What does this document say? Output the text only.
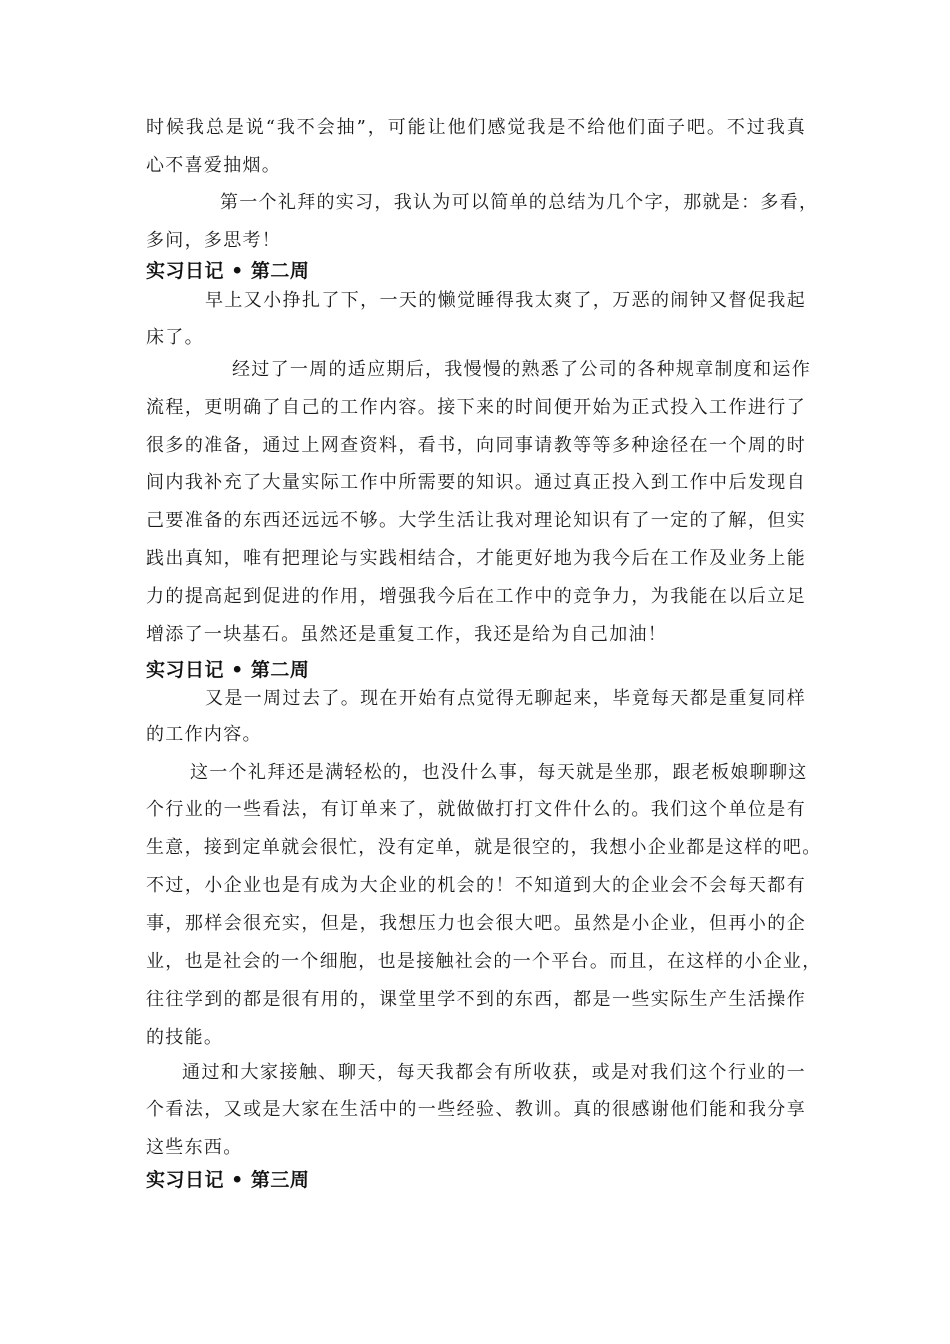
时候我总是说“我不会抽”，可能让他们感觉我是不给他们面子吧。不过我真

心不喜爱抽烟。

第一个礼拜的实习，我认为可以简单的总结为几个字，那就是：多看，

多问，多思考！

实习日记 • 第二周

早上又小挣扎了下，一天的懒觉睡得我太爽了，万恶的闹钟又督促我起

床了。

经过了一周的适应期后，我慢慢的熟悉了公司的各种规章制度和运作

流程，更明确了自己的工作内容。接下来的时间便开始为正式投入工作进行了

很多的准备，通过上网查资料，看书，向同事请教等等多种途径在一个周的时

间内我补充了大量实际工作中所需要的知识。通过真正投入到工作中后发现自

己要准备的东西还远远不够。大学生活让我对理论知识有了一定的了解，但实

践出真知，唯有把理论与实践相结合，才能更好地为我今后在工作及业务上能

力的提高起到促进的作用，增强我今后在工作中的竞争力，为我能在以后立足

增添了一块基石。虽然还是重复工作，我还是给为自己加油！

实习日记 • 第二周

又是一周过去了。现在开始有点觉得无聊起来，毕竟每天都是重复同样

的工作内容。

这一个礼拜还是满轻松的，也没什么事，每天就是坐那，跟老板娘聊聊这

个行业的一些看法，有订单来了，就做做打打文件什么的。我们这个单位是有

生意，接到定单就会很忙，没有定单，就是很空的，我想小企业都是这样的吧。

不过，小企业也是有成为大企业的机会的！不知道到大的企业会不会每天都有

事，那样会很充实，但是，我想压力也会很大吧。虽然是小企业，但再小的企

业，也是社会的一个细胞，也是接触社会的一个平台。而且，在这样的小企业，

往往学到的都是很有用的，课堂里学不到的东西，都是一些实际生产生活操作

的技能。

通过和大家接触、聊天，每天我都会有所收获，或是对我们这个行业的一

个看法，又或是大家在生活中的一些经验、教训。真的很感谢他们能和我分享

这些东西。

实习日记 • 第三周
